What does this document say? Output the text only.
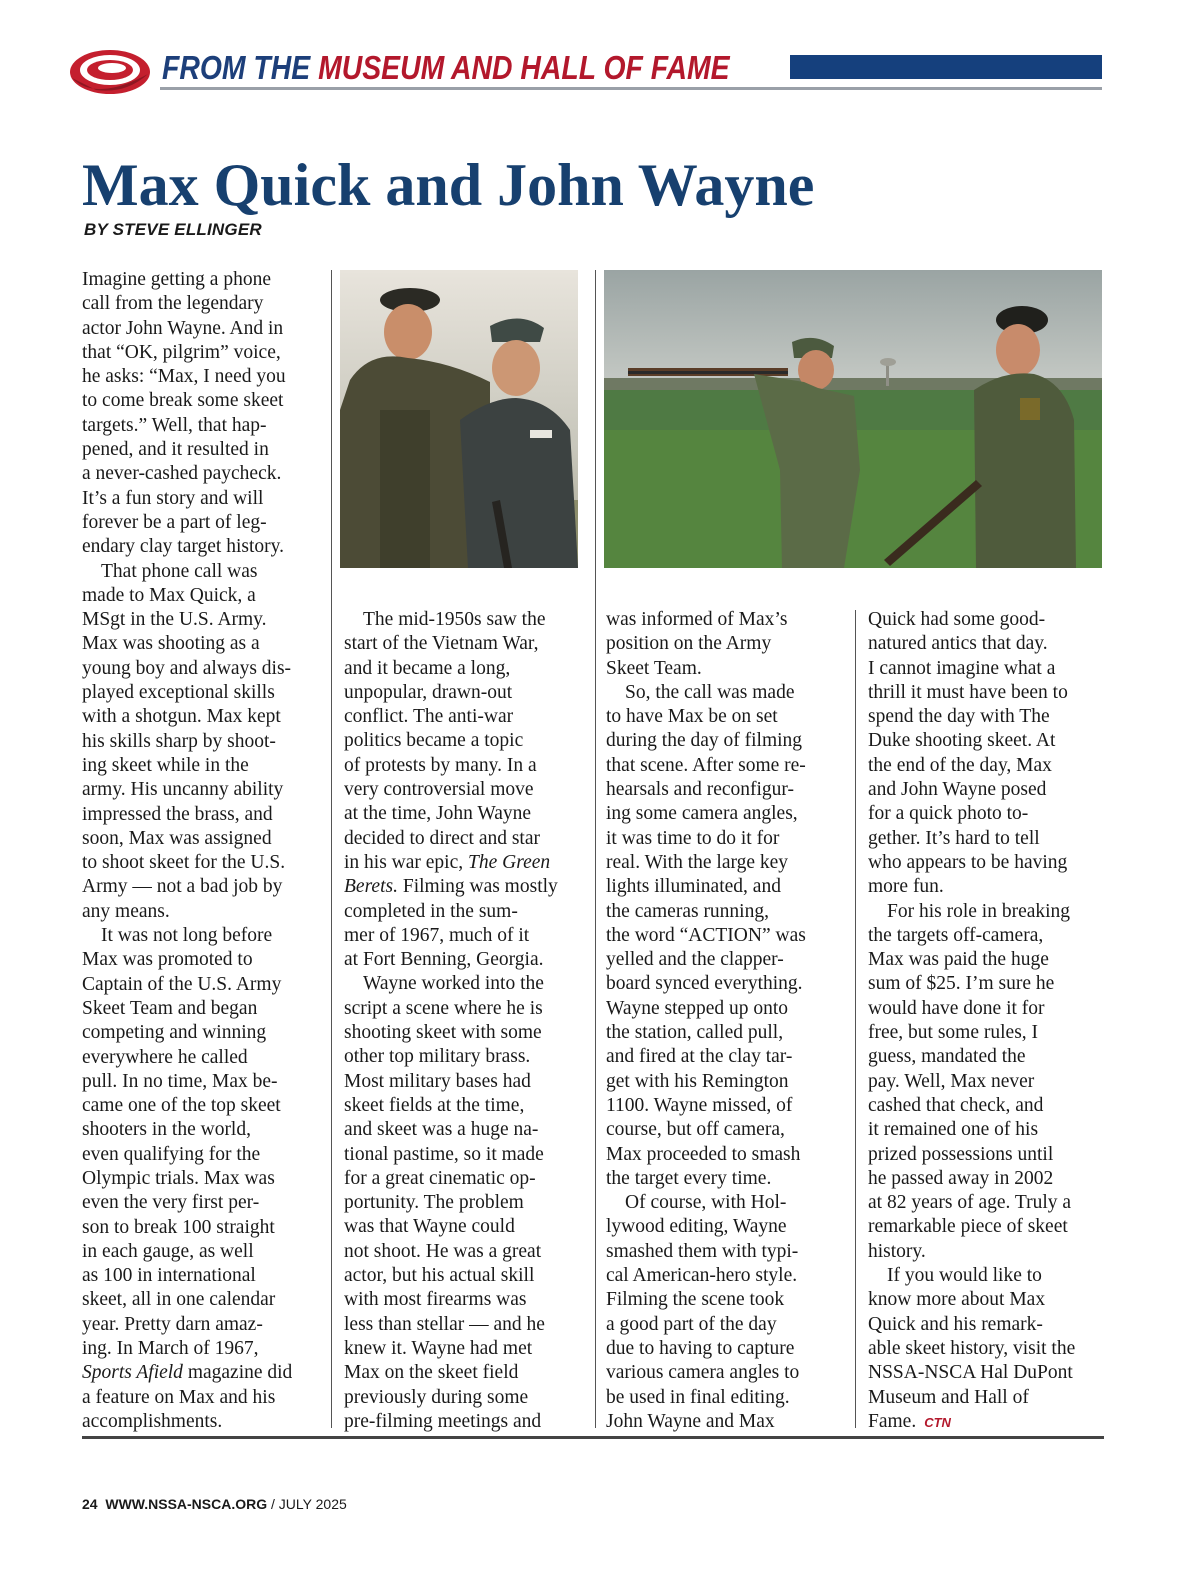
FROM THE MUSEUM AND HALL OF FAME
Max Quick and John Wayne
BY STEVE ELLINGER

Imagine getting a phone

call from the legendary

actor John Wayne. And in

that “OK, pilgrim” voice,

he asks: “Max, I need you

to come break some skeet

targets.” Well, that hap-

pened, and it resulted in

a never-cashed paycheck.

It’s a fun story and will

forever be a part of leg-

endary clay target history.

That phone call was

made to Max Quick, a

MSgt in the U.S. Army.

Max was shooting as a

young boy and always dis-

played exceptional skills

with a shotgun. Max kept

his skills sharp by shoot-

ing skeet while in the

army. His uncanny ability

impressed the brass, and

soon, Max was assigned

to shoot skeet for the U.S.

Army — not a bad job by

any means.

It was not long before

Max was promoted to

Captain of the U.S. Army

Skeet Team and began

competing and winning

everywhere he called

pull. In no time, Max be-

came one of the top skeet

shooters in the world,

even qualifying for the

Olympic trials. Max was

even the very first per-

son to break 100 straight

in each gauge, as well

as 100 in international

skeet, all in one calendar

year. Pretty darn amaz-

ing. In March of 1967,

Sports Afield magazine did

a feature on Max and his

accomplishments.

The mid-1950s saw the

start of the Vietnam War,

and it became a long,

unpopular, drawn-out

conflict. The anti-war

politics became a topic

of protests by many. In a

very controversial move

at the time, John Wayne

decided to direct and star

in his war epic, The Green

Berets. Filming was mostly

completed in the sum-

mer of 1967, much of it

at Fort Benning, Georgia.

Wayne worked into the

script a scene where he is

shooting skeet with some

other top military brass.

Most military bases had

skeet fields at the time,

and skeet was a huge na-

tional pastime, so it made

for a great cinematic op-

portunity. The problem

was that Wayne could

not shoot. He was a great

actor, but his actual skill

with most firearms was

less than stellar — and he

knew it. Wayne had met

Max on the skeet field

previously during some

pre-filming meetings and

was informed of Max’s

position on the Army

Skeet Team.

So, the call was made

to have Max be on set

during the day of filming

that scene. After some re-

hearsals and reconfigur-

ing some camera angles,

it was time to do it for

real. With the large key

lights illuminated, and

the cameras running,

the word “ACTION” was

yelled and the clapper-

board synced everything.

Wayne stepped up onto

the station, called pull,

and fired at the clay tar-

get with his Remington

1100. Wayne missed, of

course, but off camera,

Max proceeded to smash

the target every time.

Of course, with Hol-

lywood editing, Wayne

smashed them with typi-

cal American-hero style.

Filming the scene took

a good part of the day

due to having to capture

various camera angles to

be used in final editing.

John Wayne and Max

Quick had some good-

natured antics that day.

I cannot imagine what a

thrill it must have been to

spend the day with The

Duke shooting skeet. At

the end of the day, Max

and John Wayne posed

for a quick photo to-

gether. It’s hard to tell

who appears to be having

more fun.

For his role in breaking

the targets off-camera,

Max was paid the huge

sum of $25. I’m sure he

would have done it for

free, but some rules, I

guess, mandated the

pay. Well, Max never

cashed that check, and

it remained one of his

prized possessions until

he passed away in 2002

at 82 years of age. Truly a

remarkable piece of skeet

history.

If you would like to

know more about Max

Quick and his remark-

able skeet history, visit the

NSSA-NSCA Hal DuPont

Museum and Hall of

Fame. CTN

24 WWW.NSSA-NSCA.ORG / JULY 2025
